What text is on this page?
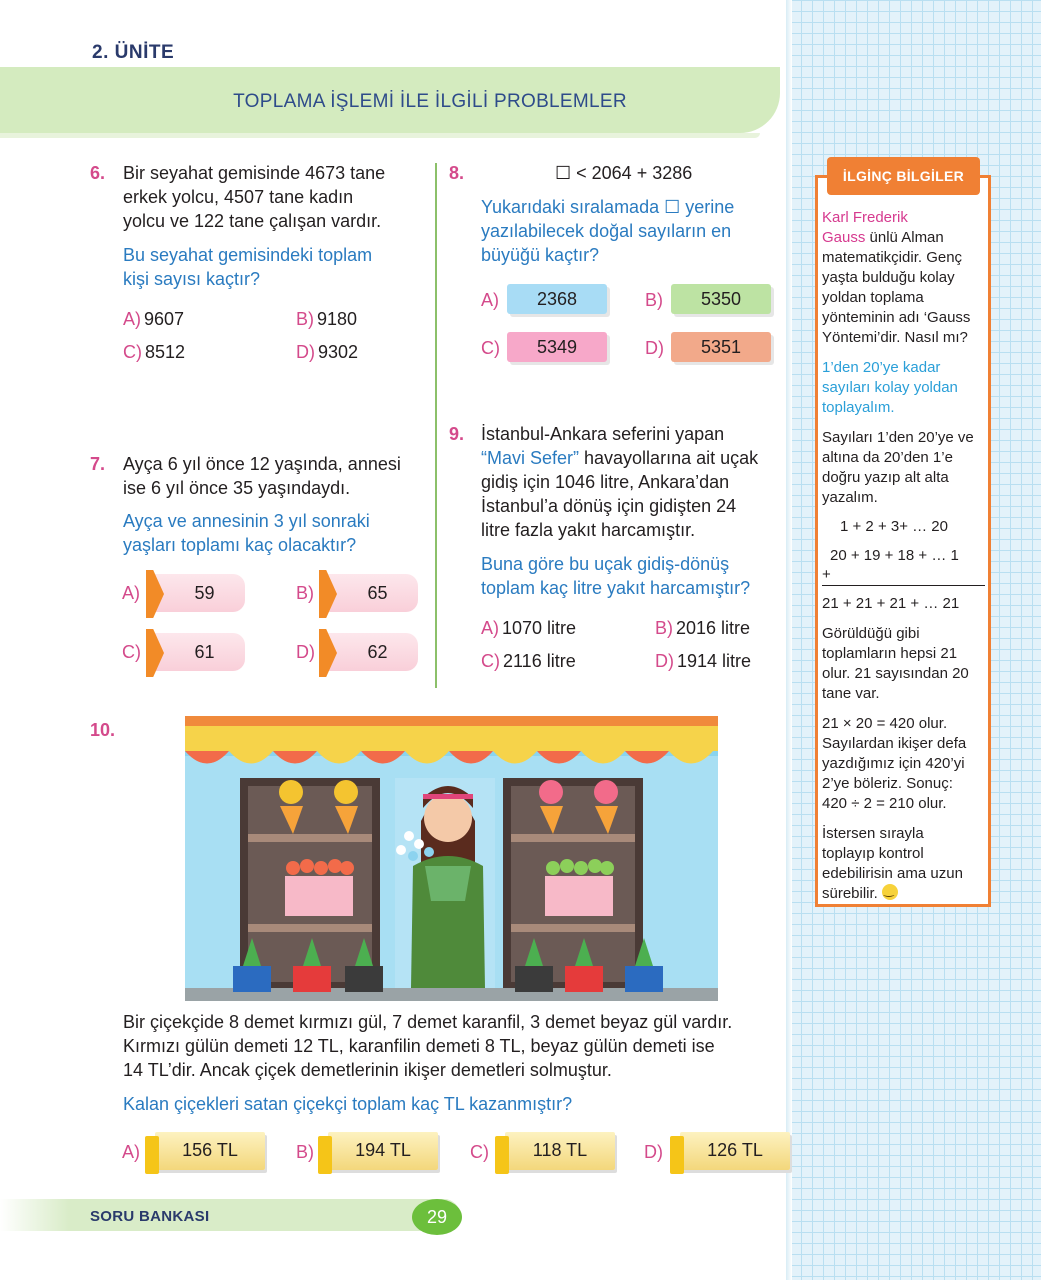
2. ÜNİTE
TOPLAMA İŞLEMİ İLE İLGİLİ PROBLEMLER
6. Bir seyahat gemisinde 4673 tane
erkek yolcu, 4507 tane kadın
yolcu ve 122 tane çalışan vardır.
Bu seyahat gemisindeki toplam
kişi sayısı kaçtır?
A) 9607	B) 9180
C) 8512	D) 9302
7. Ayça 6 yıl önce 12 yaşında, annesi
ise 6 yıl önce 35 yaşındaydı.
Ayça ve annesinin 3 yıl sonraki
yaşları toplamı kaç olacaktır?
A)	59	B)	65
C)	61	D)	62
8.	☐ < 2064 + 3286
Yukarıdaki sıralamada ☐ yerine
yazılabilecek doğal sayıların en
büyüğü kaçtır?
A)	2368	B)	5350
C)	5349	D)	5351
9. İstanbul-Ankara seferini yapan
“Mavi Sefer” havayollarına ait uçak
gidiş için 1046 litre, Ankara’dan
İstanbul’a dönüş için gidişten 24
litre fazla yakıt harcamıştır.
Buna göre bu uçak gidiş-dönüş
toplam kaç litre yakıt harcamıştır?
A) 1070 litre	B) 2016 litre
C) 2116 litre	D) 1914 litre
10.
Bir çiçekçide 8 demet kırmızı gül, 7 demet karanfil, 3 demet beyaz gül vardır.
Kırmızı gülün demeti 12 TL, karanfilin demeti 8 TL, beyaz gülün demeti ise
14 TL’dir. Ancak çiçek demetlerinin ikişer demetleri solmuştur.
Kalan çiçekleri satan çiçekçi toplam kaç TL kazanmıştır?
A)	156 TL	B)	194 TL	C)	118 TL	D)	126 TL
İLGİNÇ BİLGİLER
Karl Frederik
Gauss ünlü Alman
matematikçidir. Genç
yaşta bulduğu kolay
yoldan toplama
yönteminin adı ‘Gauss
Yöntemi’dir. Nasıl mı?
1’den 20’ye kadar
sayıları kolay yoldan
toplayalım.
Sayıları 1’den 20’ye ve
altına da 20’den 1’e
doğru yazıp alt alta
yazalım.
1 + 2 + 3+ … 20
20 + 19 + 18 + … 1
+
21 + 21 + 21 + … 21
Görüldüğü gibi
toplamların hepsi 21
olur. 21 sayısından 20
tane var.
21 × 20 = 420 olur.
Sayılardan ikişer defa
yazdığımız için 420’yi
2’ye böleriz. Sonuç:
420 ÷ 2 = 210 olur.
İstersen sırayla
toplayıp kontrol
edebilirisin ama uzun
sürebilir. ‿
SORU BANKASI	29
